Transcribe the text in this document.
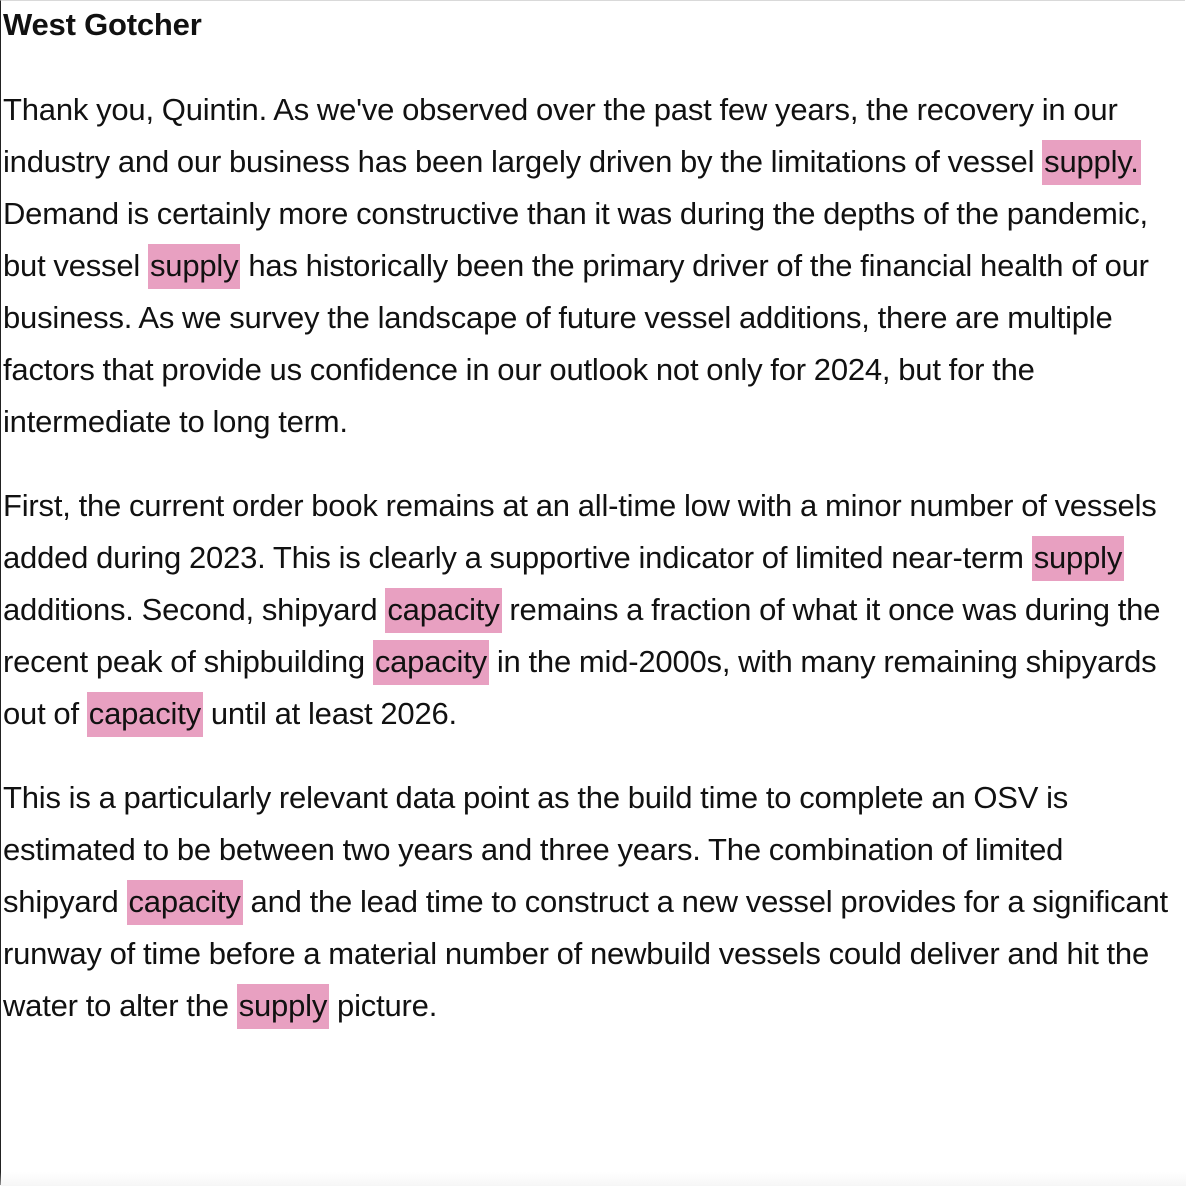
West Gotcher

Thank you, Quintin. As we've observed over the past few years, the recovery in our industry and our business has been largely driven by the limitations of vessel supply. Demand is certainly more constructive than it was during the depths of the pandemic, but vessel supply has historically been the primary driver of the financial health of our business. As we survey the landscape of future vessel additions, there are multiple factors that provide us confidence in our outlook not only for 2024, but for the intermediate to long term.

First, the current order book remains at an all-time low with a minor number of vessels added during 2023. This is clearly a supportive indicator of limited near-term supply additions. Second, shipyard capacity remains a fraction of what it once was during the recent peak of shipbuilding capacity in the mid-2000s, with many remaining shipyards out of capacity until at least 2026.

This is a particularly relevant data point as the build time to complete an OSV is estimated to be between two years and three years. The combination of limited shipyard capacity and the lead time to construct a new vessel provides for a significant runway of time before a material number of newbuild vessels could deliver and hit the water to alter the supply picture.
